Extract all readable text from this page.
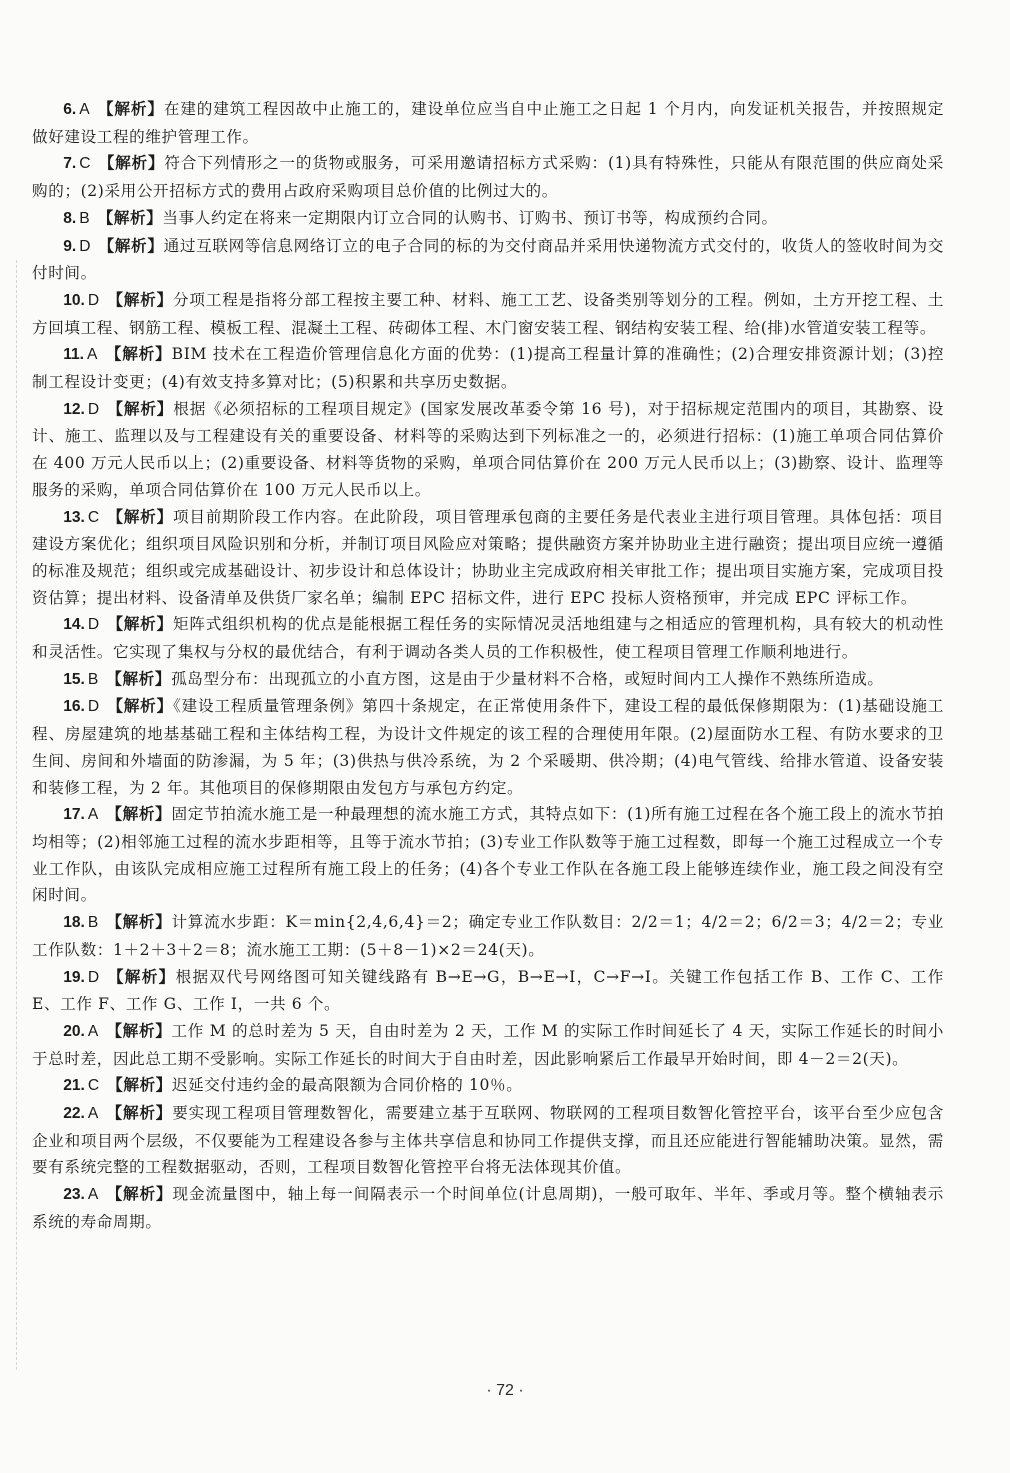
6. A 【解析】在建的建筑工程因故中止施工的，建设单位应当自中止施工之日起 1 个月内，向发证机关报告，并按照规定做好建设工程的维护管理工作。

7. C 【解析】符合下列情形之一的货物或服务，可采用邀请招标方式采购：(1)具有特殊性，只能从有限范围的供应商处采购的；(2)采用公开招标方式的费用占政府采购项目总价值的比例过大的。

8. B 【解析】当事人约定在将来一定期限内订立合同的认购书、订购书、预订书等，构成预约合同。

9. D 【解析】通过互联网等信息网络订立的电子合同的标的为交付商品并采用快递物流方式交付的，收货人的签收时间为交付时间。

10. D 【解析】分项工程是指将分部工程按主要工种、材料、施工工艺、设备类别等划分的工程。例如，土方开挖工程、土方回填工程、钢筋工程、模板工程、混凝土工程、砖砌体工程、木门窗安装工程、钢结构安装工程、给(排)水管道安装工程等。

11. A 【解析】BIM 技术在工程造价管理信息化方面的优势：(1)提高工程量计算的准确性；(2)合理安排资源计划；(3)控制工程设计变更；(4)有效支持多算对比；(5)积累和共享历史数据。

12. D 【解析】根据《必须招标的工程项目规定》(国家发展改革委令第 16 号)，对于招标规定范围内的项目，其勘察、设计、施工、监理以及与工程建设有关的重要设备、材料等的采购达到下列标准之一的，必须进行招标：(1)施工单项合同估算价在 400 万元人民币以上；(2)重要设备、材料等货物的采购，单项合同估算价在 200 万元人民币以上；(3)勘察、设计、监理等服务的采购，单项合同估算价在 100 万元人民币以上。

13. C 【解析】项目前期阶段工作内容。在此阶段，项目管理承包商的主要任务是代表业主进行项目管理。具体包括：项目建设方案优化；组织项目风险识别和分析，并制订项目风险应对策略；提供融资方案并协助业主进行融资；提出项目应统一遵循的标准及规范；组织或完成基础设计、初步设计和总体设计；协助业主完成政府相关审批工作；提出项目实施方案，完成项目投资估算；提出材料、设备清单及供货厂家名单；编制 EPC 招标文件，进行 EPC 投标人资格预审，并完成 EPC 评标工作。

14. D 【解析】矩阵式组织机构的优点是能根据工程任务的实际情况灵活地组建与之相适应的管理机构，具有较大的机动性和灵活性。它实现了集权与分权的最优结合，有利于调动各类人员的工作积极性，使工程项目管理工作顺利地进行。

15. B 【解析】孤岛型分布：出现孤立的小直方图，这是由于少量材料不合格，或短时间内工人操作不熟练所造成。

16. D 【解析】《建设工程质量管理条例》第四十条规定，在正常使用条件下，建设工程的最低保修期限为：(1)基础设施工程、房屋建筑的地基基础工程和主体结构工程，为设计文件规定的该工程的合理使用年限。(2)屋面防水工程、有防水要求的卫生间、房间和外墙面的防渗漏，为 5 年；(3)供热与供冷系统，为 2 个采暖期、供冷期；(4)电气管线、给排水管道、设备安装和装修工程，为 2 年。其他项目的保修期限由发包方与承包方约定。

17. A 【解析】固定节拍流水施工是一种最理想的流水施工方式，其特点如下：(1)所有施工过程在各个施工段上的流水节拍均相等；(2)相邻施工过程的流水步距相等，且等于流水节拍；(3)专业工作队数等于施工过程数，即每一个施工过程成立一个专业工作队，由该队完成相应施工过程所有施工段上的任务；(4)各个专业工作队在各施工段上能够连续作业，施工段之间没有空闲时间。

18. B 【解析】计算流水步距：K＝min{2,4,6,4}＝2；确定专业工作队数目：2/2＝1；4/2＝2；6/2＝3；4/2＝2；专业工作队数：1＋2＋3＋2＝8；流水施工工期：(5＋8－1)×2＝24(天)。

19. D 【解析】根据双代号网络图可知关键线路有 B→E→G，B→E→I，C→F→I。关键工作包括工作 B、工作 C、工作 E、工作 F、工作 G、工作 I，一共 6 个。

20. A 【解析】工作 M 的总时差为 5 天，自由时差为 2 天，工作 M 的实际工作时间延长了 4 天，实际工作延长的时间小于总时差，因此总工期不受影响。实际工作延长的时间大于自由时差，因此影响紧后工作最早开始时间，即 4－2＝2(天)。

21. C 【解析】迟延交付违约金的最高限额为合同价格的 10％。

22. A 【解析】要实现工程项目管理数智化，需要建立基于互联网、物联网的工程项目数智化管控平台，该平台至少应包含企业和项目两个层级，不仅要能为工程建设各参与主体共享信息和协同工作提供支撑，而且还应能进行智能辅助决策。显然，需要有系统完整的工程数据驱动，否则，工程项目数智化管控平台将无法体现其价值。

23. A 【解析】现金流量图中，轴上每一间隔表示一个时间单位(计息周期)，一般可取年、半年、季或月等。整个横轴表示系统的寿命周期。

· 72 ·
